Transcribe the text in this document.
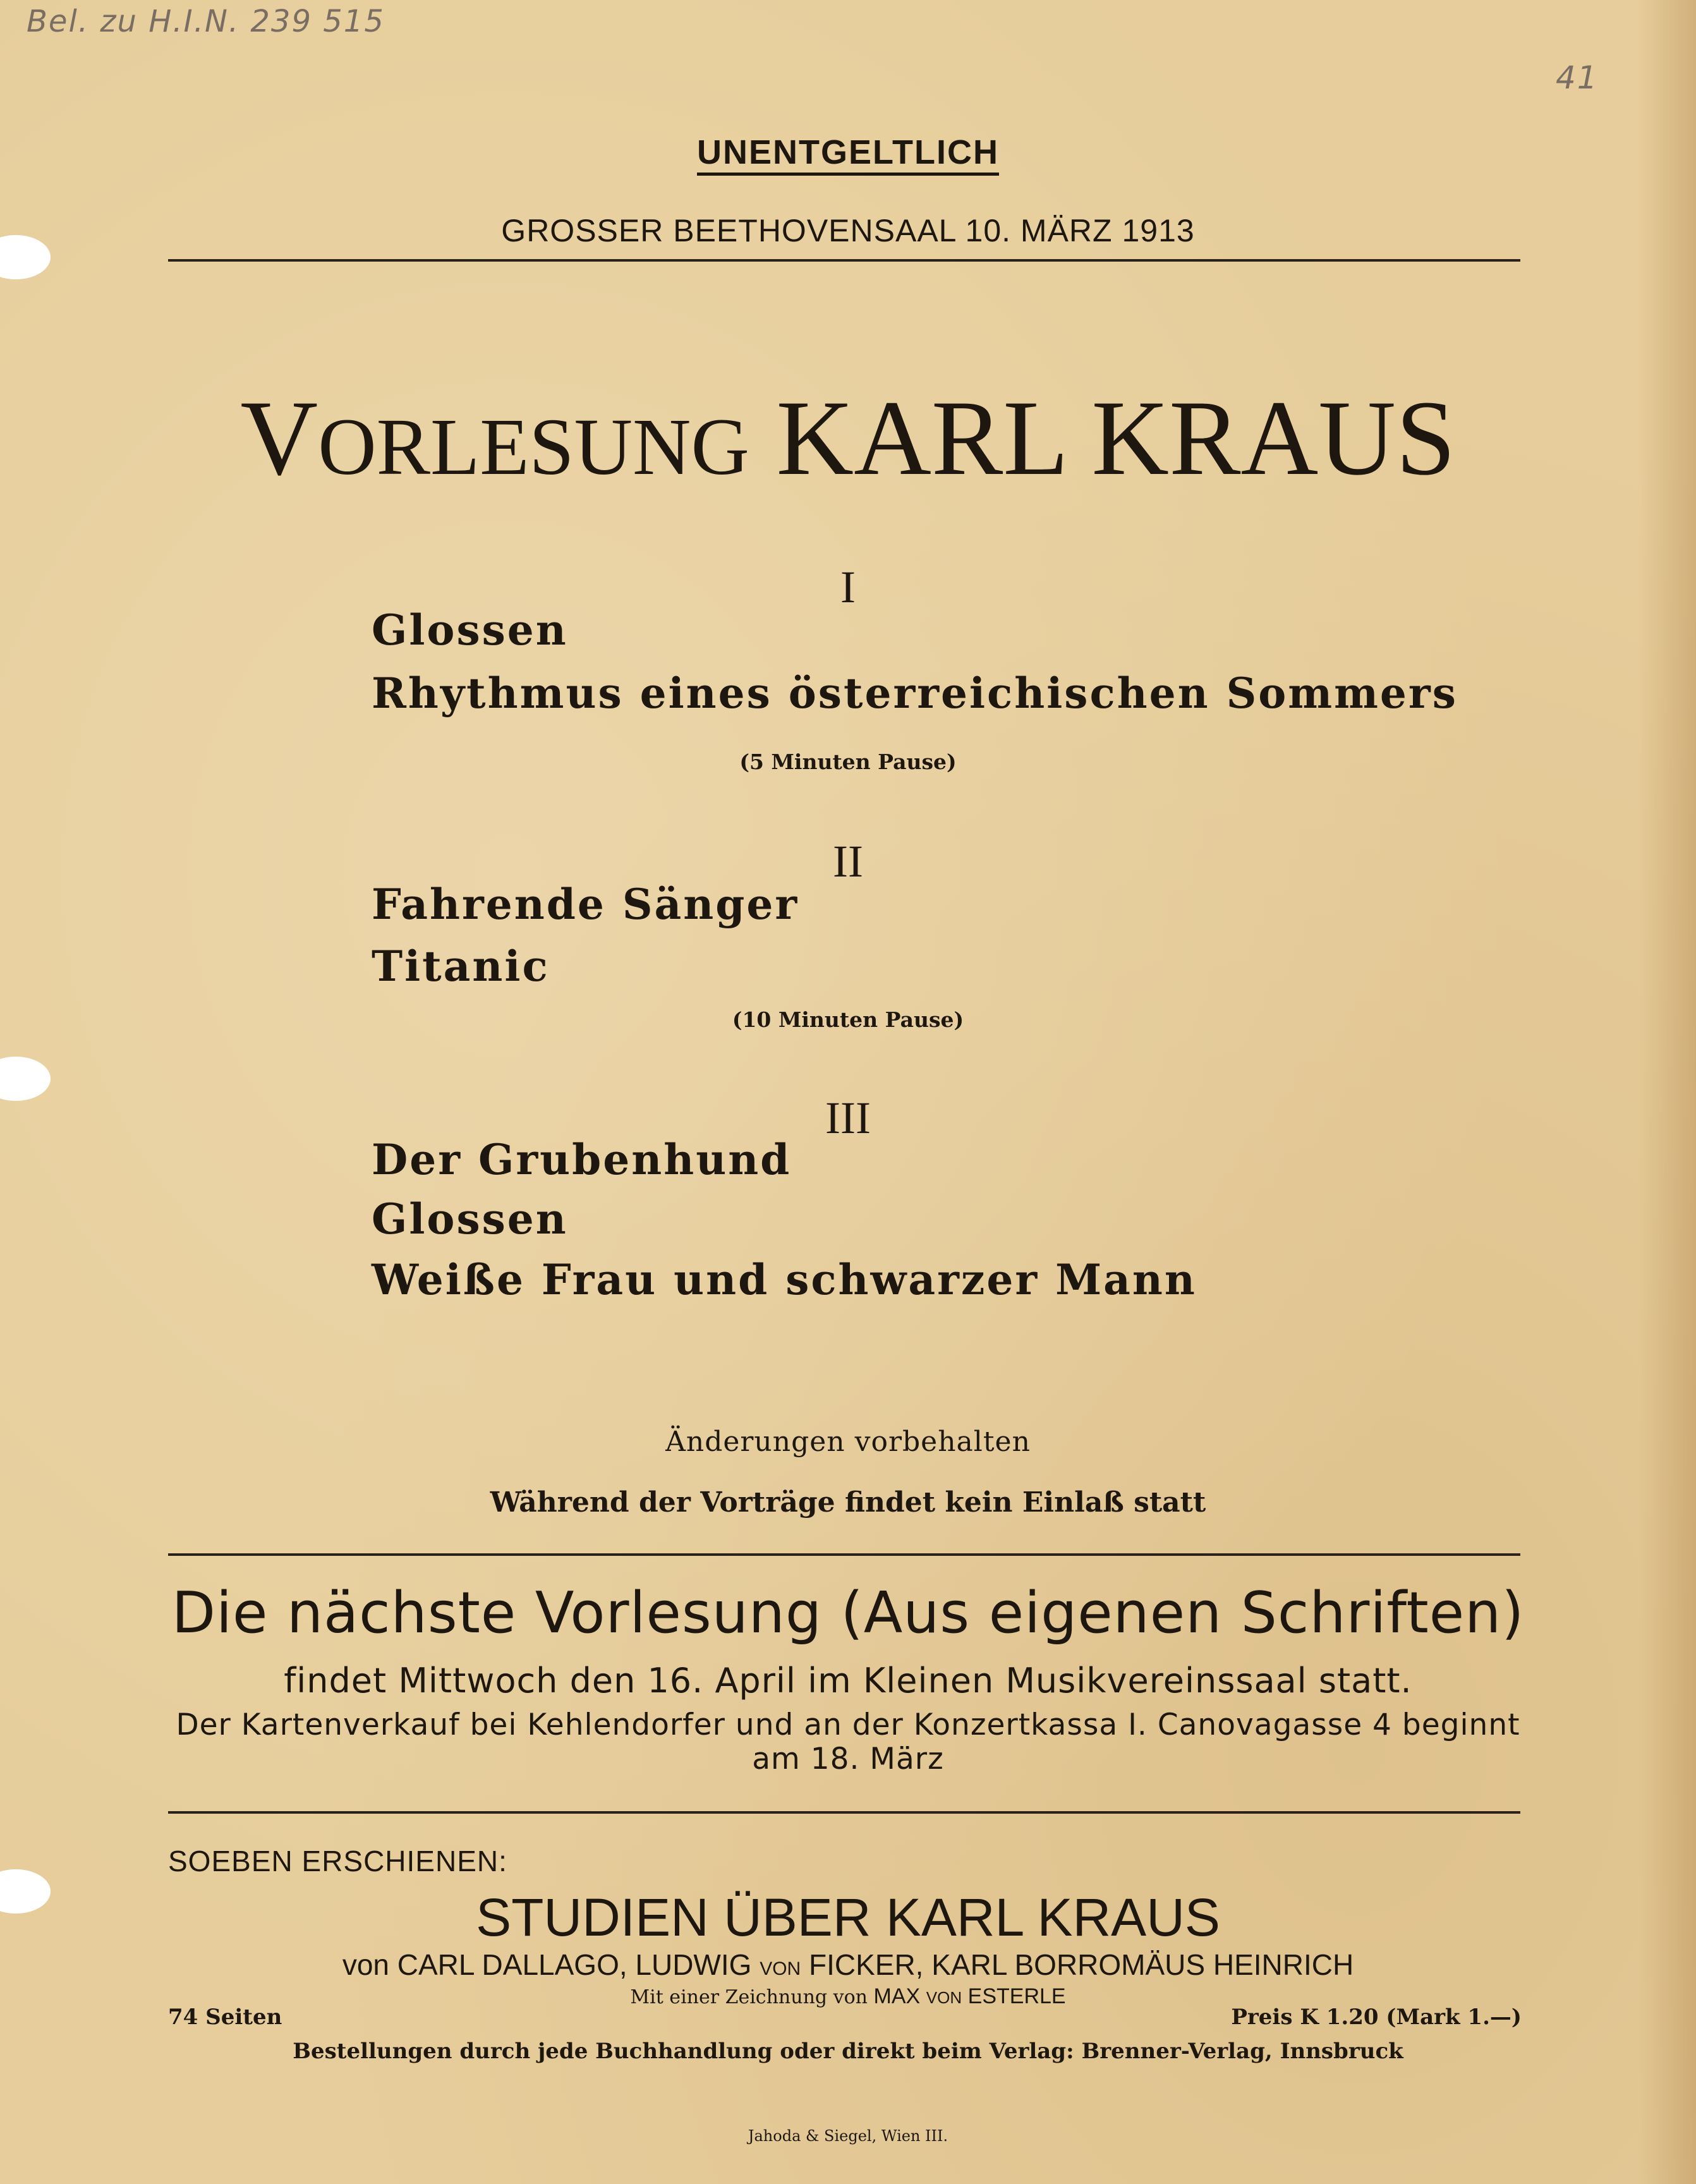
Bel. zu H.I.N. 239 515
41
UNENTGELTLICH
GROSSER BEETHOVENSAAL 10. MÄRZ 1913
VORLESUNG KARL KRAUS
I
Glossen
Rhythmus eines österreichischen Sommers
(5 Minuten Pause)
II
Fahrende Sänger
Titanic
(10 Minuten Pause)
III
Der Grubenhund
Glossen
Weiße Frau und schwarzer Mann
Änderungen vorbehalten
Während der Vorträge findet kein Einlaß statt
Die nächste Vorlesung (Aus eigenen Schriften)
findet Mittwoch den 16. April im Kleinen Musikvereinssaal statt.
Der Kartenverkauf bei Kehlendorfer und an der Konzertkassa I. Canovagasse 4 beginnt
am 18. März
SOEBEN ERSCHIENEN:
STUDIEN ÜBER KARL KRAUS
von CARL DALLAGO, LUDWIG VON FICKER, KARL BORROMÄUS HEINRICH
Mit einer Zeichnung von MAX VON ESTERLE
74 Seiten	Preis K 1.20 (Mark 1.—)
Bestellungen durch jede Buchhandlung oder direkt beim Verlag: Brenner-Verlag, Innsbruck
Jahoda & Siegel, Wien III.
